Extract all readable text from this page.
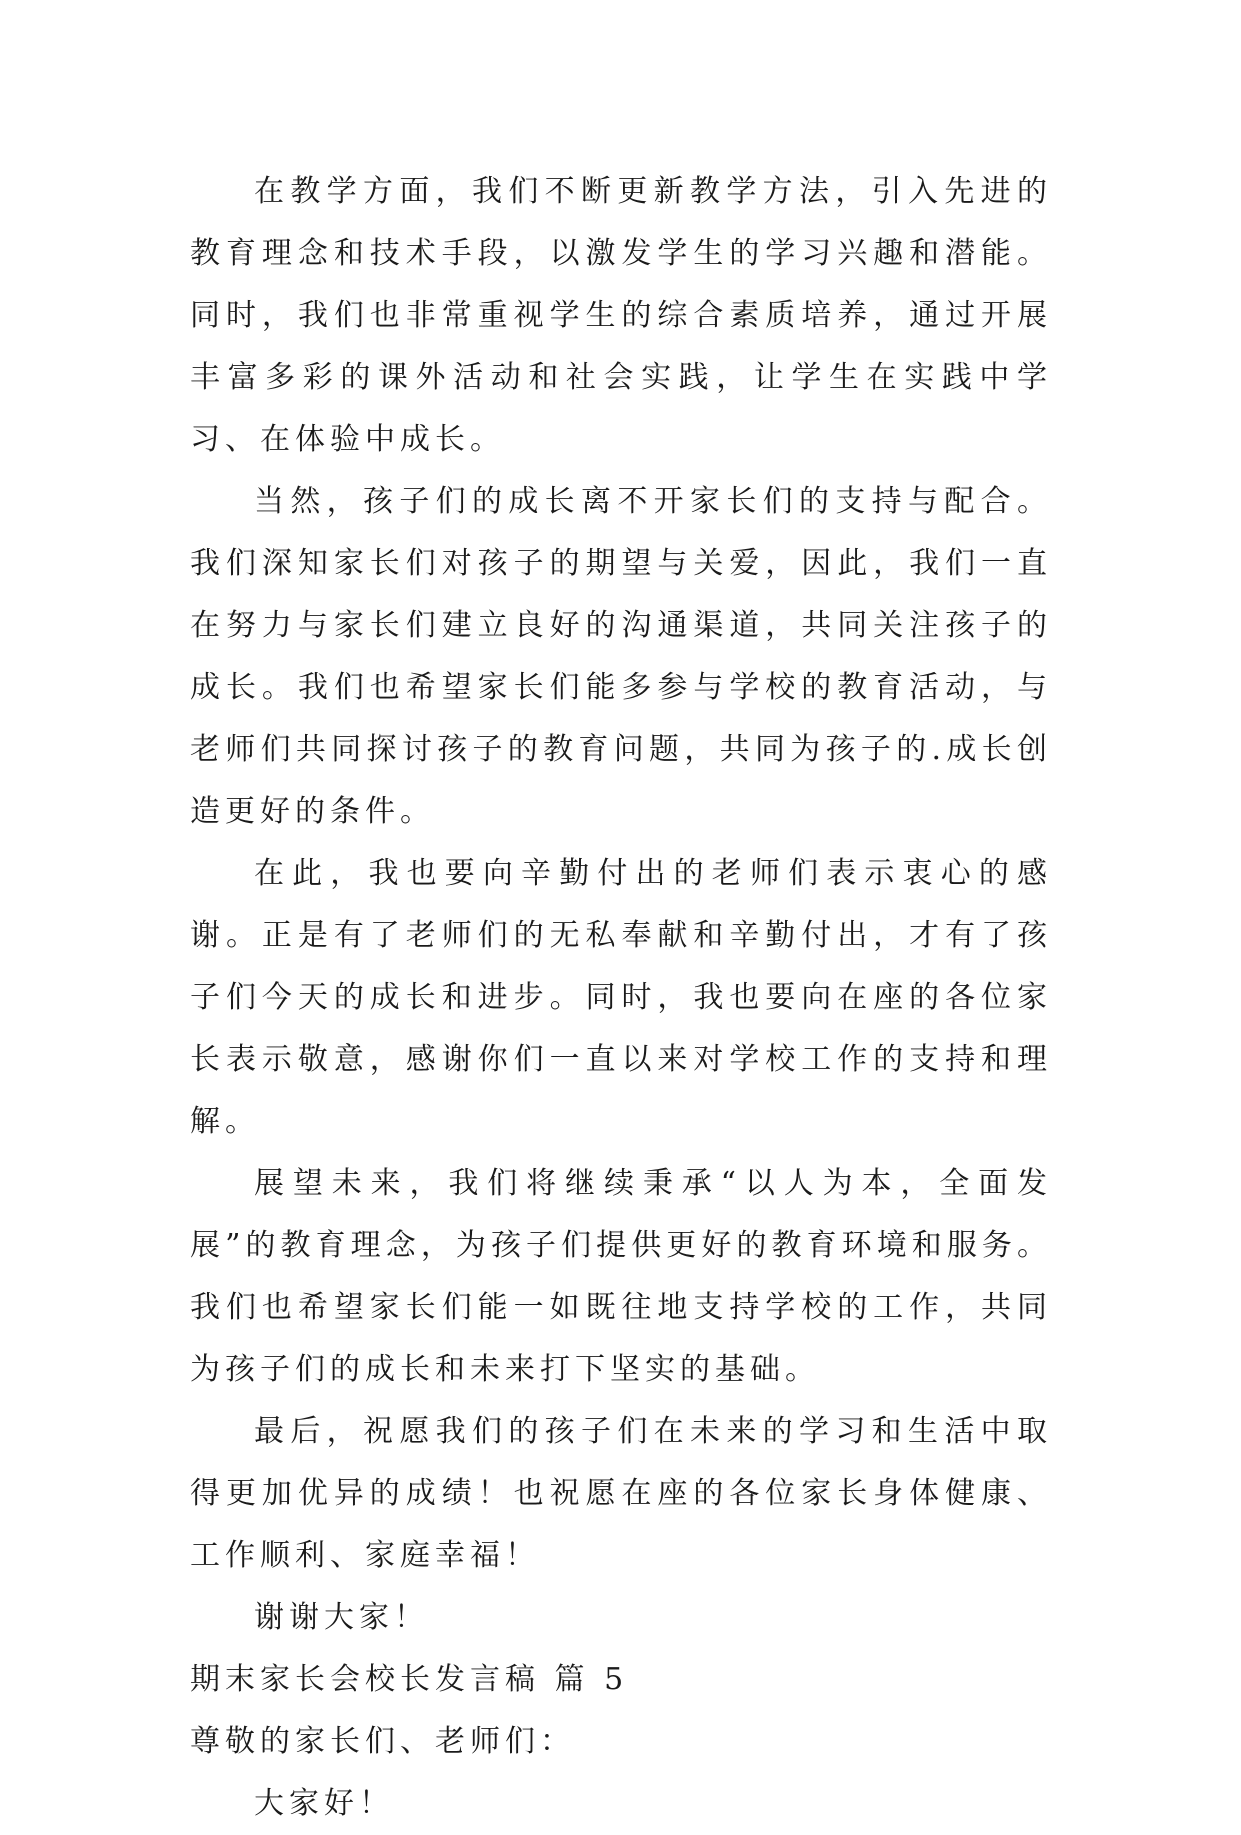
在教学方面，我们不断更新教学方法，引入先进的教育理念和技术手段，以激发学生的学习兴趣和潜能。同时，我们也非常重视学生的综合素质培养，通过开展丰富多彩的课外活动和社会实践，让学生在实践中学习、在体验中成长。

当然，孩子们的成长离不开家长们的支持与配合。我们深知家长们对孩子的期望与关爱，因此，我们一直在努力与家长们建立良好的沟通渠道，共同关注孩子的成长。我们也希望家长们能多参与学校的教育活动，与老师们共同探讨孩子的教育问题，共同为孩子的.成长创造更好的条件。

在此，我也要向辛勤付出的老师们表示衷心的感谢。正是有了老师们的无私奉献和辛勤付出，才有了孩子们今天的成长和进步。同时，我也要向在座的各位家长表示敬意，感谢你们一直以来对学校工作的支持和理解。

展望未来，我们将继续秉承“以人为本，全面发展”的教育理念，为孩子们提供更好的教育环境和服务。我们也希望家长们能一如既往地支持学校的工作，共同为孩子们的成长和未来打下坚实的基础。

最后，祝愿我们的孩子们在未来的学习和生活中取得更加优异的成绩！也祝愿在座的各位家长身体健康、工作顺利、家庭幸福！

谢谢大家！

期末家长会校长发言稿 篇 5

尊敬的家长们、老师们：

大家好！
